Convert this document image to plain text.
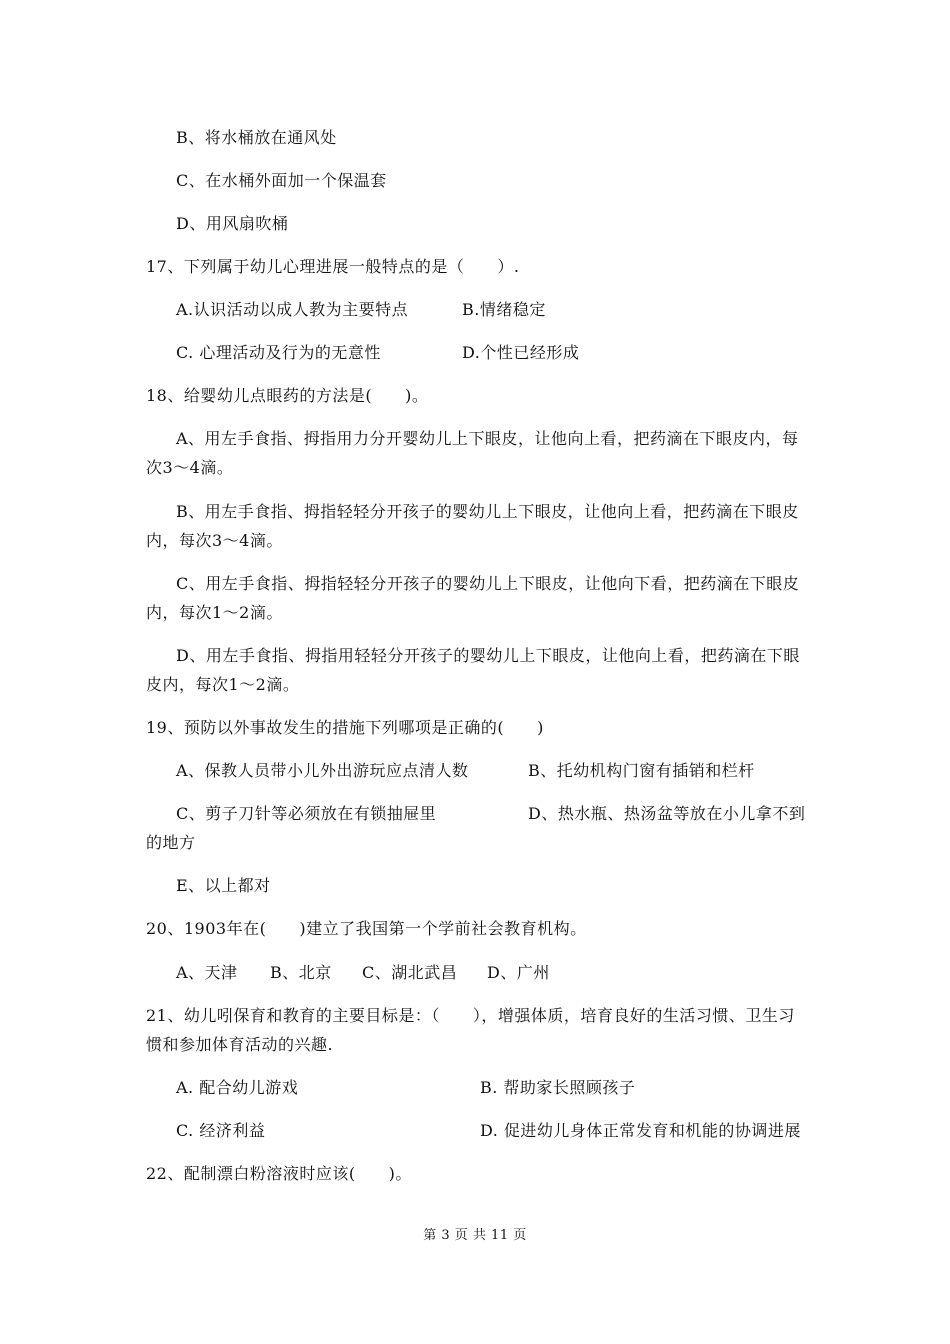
B、将水桶放在通风处
C、在水桶外面加一个保温套
D、用风扇吹桶
17、下列属于幼儿心理进展一般特点的是（　　）.
A.认识活动以成人教为主要特点	B.情绪稳定
C. 心理活动及行为的无意性	D.个性已经形成
18、给婴幼儿点眼药的方法是(　　)。
A、用左手食指、拇指用力分开婴幼儿上下眼皮，让他向上看，把药滴在下眼皮内，每
次3～4滴。
B、用左手食指、拇指轻轻分开孩子的婴幼儿上下眼皮，让他向上看，把药滴在下眼皮
内，每次3～4滴。
C、用左手食指、拇指轻轻分开孩子的婴幼儿上下眼皮，让他向下看，把药滴在下眼皮
内，每次1～2滴。
D、用左手食指、拇指用轻轻分开孩子的婴幼儿上下眼皮，让他向上看，把药滴在下眼
皮内，每次1～2滴。
19、预防以外事故发生的措施下列哪项是正确的(　　)
A、保教人员带小儿外出游玩应点清人数	B、托幼机构门窗有插销和栏杆
C、剪子刀针等必须放在有锁抽屉里	D、热水瓶、热汤盆等放在小儿拿不到
的地方
E、以上都对
20、1903年在(　　)建立了我国第一个学前社会教育机构。
A、天津 B、北京 C、湖北武昌 D、广州
21、幼儿吲保育和教育的主要目标是：（　　），增强体质，培育良好的生活习惯、卫生习
惯和参加体育活动的兴趣.
A. 配合幼儿游戏	B. 帮助家长照顾孩子
C. 经济利益	D. 促进幼儿身体正常发育和机能的协调进展
22、配制漂白粉溶液时应该(　　)。
第 3 页 共 11 页
